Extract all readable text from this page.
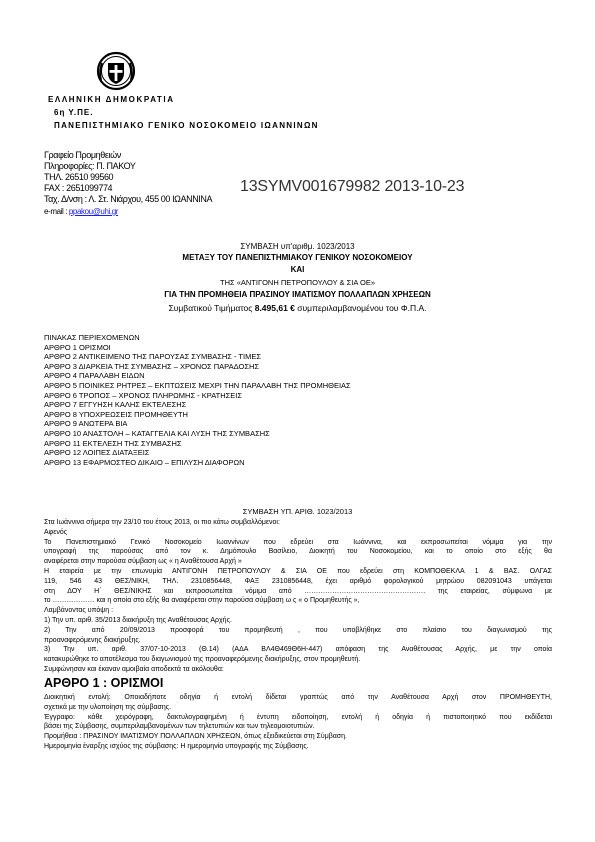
ΕΛΛΗΝΙΚΗ ΔΗΜΟΚΡΑΤΙΑ
6η Υ.ΠΕ.
ΠΑΝΕΠΙΣΤΗΜΙΑΚΟ ΓΕΝΙΚΟ ΝΟΣΟΚΟΜΕΙΟ ΙΩΑΝΝΙΝΩΝ
Γραφείο Προμηθειών
Πληροφορίες: Π. ΠΑΚΟΥ
ΤΗΛ. 26510 99560
FAX : 2651099774
Ταχ. Δ/νση : Λ. Στ. Νιάρχου, 455 00 ΙΩΑΝΝΙΝΑ
e-mail : ppakou@uhi.gr
13SYMV001679982 2013-10-23
ΣΥΜΒΑΣΗ υπ'αριθμ. 1023/2013
ΜΕΤΑΞΥ ΤΟΥ ΠΑΝΕΠΙΣΤΗΜΙΑΚΟΥ ΓΕΝΙΚΟΥ ΝΟΣΟΚΟΜΕΙΟΥ
ΚΑΙ
ΤΗΣ «ΑΝΤΙΓΟΝΗ ΠΕΤΡΟΠΟΥΛΟΥ & ΣΙΑ ΟΕ»
ΓΙΑ ΤΗΝ ΠΡΟΜΗΘΕΙΑ ΠΡΑΣΙΝΟΥ ΙΜΑΤΙΣΜΟΥ ΠΟΛΛΑΠΛΩΝ ΧΡΗΣΕΩΝ
Συμβατικού Τιμήματος 8.495,61 € συμπεριλαμβανομένου του Φ.Π.Α.
ΠΙΝΑΚΑΣ ΠΕΡΙΕΧΟΜΕΝΩΝ
ΑΡΘΡΟ 1 ΟΡΙΣΜΟΙ
ΑΡΘΡΟ 2 ΑΝΤΙΚΕΙΜΕΝΟ ΤΗΣ ΠΑΡΟΥΣΑΣ ΣΥΜΒΑΣΗΣ - ΤΙΜΕΣ
ΑΡΘΡΟ 3 ΔΙΑΡΚΕΙΑ ΤΗΣ ΣΥΜΒΑΣΗΣ – ΧΡΟΝΟΣ ΠΑΡΑΔΟΣΗΣ
ΑΡΘΡΟ 4 ΠΑΡΑΛΑΒΗ ΕΙΔΩΝ
ΑΡΘΡΟ 5 ΠΟΙΝΙΚΕΣ ΡΗΤΡΕΣ – ΕΚΠΤΩΣΕΙΣ ΜΕΧΡΙ ΤΗΝ ΠΑΡΑΛΑΒΗ ΤΗΣ ΠΡΟΜΗΘΕΙΑΣ
ΑΡΘΡΟ 6 ΤΡΟΠΟΣ – ΧΡΟΝΟΣ ΠΛΗΡΩΜΗΣ - ΚΡΑΤΗΣΕΙΣ
ΑΡΘΡΟ 7 ΕΓΓΥΗΣΗ ΚΑΛΗΣ ΕΚΤΕΛΕΣΗΣ
ΑΡΘΡΟ 8 ΥΠΟΧΡΕΩΣΕΙΣ ΠΡΟΜΗΘΕΥΤΗ
ΑΡΘΡΟ 9 ΑΝΩΤΕΡΑ ΒΙΑ
ΑΡΘΡΟ 10 ΑΝΑΣΤΟΛΗ – ΚΑΤΑΓΓΕΛΙΑ ΚΑΙ ΛΥΣΗ ΤΗΣ ΣΥΜΒΑΣΗΣ
ΑΡΘΡΟ 11 ΕΚΤΕΛΕΣΗ ΤΗΣ ΣΥΜΒΑΣΗΣ
ΑΡΘΡΟ 12 ΛΟΙΠΕΣ ΔΙΑΤΑΞΕΙΣ
ΑΡΘΡΟ 13 ΕΦΑΡΜΟΣΤΕΟ ΔΙΚΑΙΟ – ΕΠΙΛΥΣΗ ΔΙΑΦΟΡΩΝ
ΣΥΜΒΑΣΗ ΥΠ. ΑΡΙΘ. 1023/2013
Στα Ιωάννινα σήμερα την 23/10 του έτους 2013, οι πιο κάτω συμβαλλόμενοι:
Αφενός
Το Πανεπιστημιακό Γενικό Νοσοκομείο Ιωαννίνων που εδρεύει στα Ιωάννινα, και εκπροσωπείται νόμιμα για την
υπογραφή της παρούσας από τον κ. Δημόπουλο Βασίλειο, Διοικητή του Νοσοκομείου, και το οποίο στο εξής θα
αναφέρεται στην παρούσα σύμβαση ως « η Αναθέτουσα Αρχή »
Η εταιρεία με την επωνυμία ΑΝΤΙΓΟΝΗ ΠΕΤΡΟΠΟΥΛΟΥ & ΣΙΑ ΟΕ που εδρεύει στη ΚΟΜΠΟΘΕΚΛΑ 1 & ΒΑΣ. ΟΛΓΑΣ
119, 546 43 ΘΕΣ/ΝΙΚΗ, ΤΗΛ. 2310856448, ΦΑΞ 2310856448, έχει αριθμό φορολογικού μητρώου 082091043 υπάγεται
στη ΔΟΥ Η΄ ΘΕΣ/ΝΙΚΗΣ και εκπροσωπείται νόμιμα από ……………………………………………. της εταιρείας, σύμφωνα με
το ……………… και η οποία στο εξής θα αναφέρεται στην παρούσα σύμβαση ω ς « ο Προμηθευτής »,
Λαμβάνοντας υπόψη :
1) Την υπ. αριθ. 35/2013 διακήρυξη της Αναθέτουσας Αρχής.
2) Την από 20/09/2013 προσφορά του προμηθευτή , που υποβλήθηκε στο πλαίσιο του διαγωνισμού της
προαναφερόμενης διακήρυξης.
3) Την υπ. αριθ. 37/07-10-2013 (Θ.14) (ΑΔΑ ΒΛ4Θ469Θ6Η-447) απόφαση της Αναθέτουσας Αρχής, με την οποία
κατακυρώθηκε το αποτέλεσμα του διαγωνισμού της προαναφερόμενης διακήρυξης, στον προμηθευτή.
Συμφώνησαν και έκαναν αμοιβαία αποδεκτά τα ακόλουθα:
ΑΡΘΡΟ 1 : ΟΡΙΣΜΟΙ
Διοικητική εντολή: Οποιαδήποτε οδηγία ή εντολή δίδεται γραπτώς από την Αναθέτουσα Αρχή στον ΠΡΟΜΗΘΕΥΤΗ,
σχετικά με την υλοποίηση της σύμβασης.
Έγγραφο: κάθε χειρόγραφη, δακτυλογραφημένη ή έντυπη ειδοποίηση, εντολή ή οδηγία ή πιστοποιητικό που εκδίδεται
βάσει της Σύμβασης, συμπεριλαμβανομένων των τηλετυπιών και των τηλεομοιοτυπιών.
Προμήθεια : ΠΡΑΣΙΝΟΥ ΙΜΑΤΙΣΜΟΥ ΠΟΛΛΑΠΛΩΝ ΧΡΗΣΕΩΝ, όπως εξειδικεύεται στη Σύμβαση.
Ημερομηνία έναρξης ισχύος της σύμβασης: Η ημερομηνία υπογραφής της Σύμβασης.
